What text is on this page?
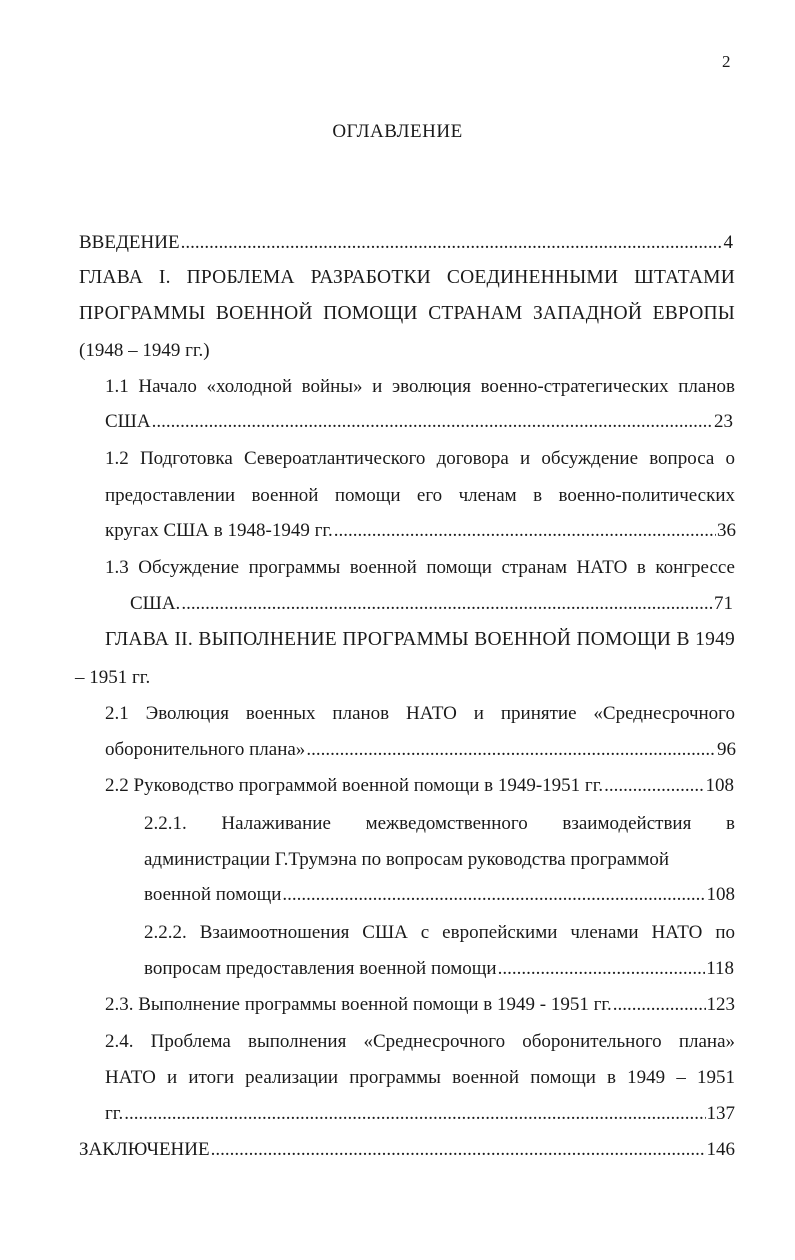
2
ОГЛАВЛЕНИЕ
ВВЕДЕНИЕ .....	4
ГЛАВА I. ПРОБЛЕМА РАЗРАБОТКИ СОЕДИНЕННЫМИ ШТАТАМИ
ПРОГРАММЫ ВОЕННОЙ ПОМОЩИ СТРАНАМ ЗАПАДНОЙ ЕВРОПЫ
(1948 – 1949 гг.)
1.1 Начало «холодной войны» и эволюция военно-стратегических планов
США .....	23
1.2 Подготовка Североатлантического договора и обсуждение вопроса о
предоставлении военной помощи его членам в военно-политических
кругах США в 1948-1949 гг. .....	36
1.3 Обсуждение программы военной помощи странам НАТО в конгрессе
США. .....	71
ГЛАВА II. ВЫПОЛНЕНИЕ ПРОГРАММЫ ВОЕННОЙ ПОМОЩИ В 1949
– 1951 гг.
2.1 Эволюция военных планов НАТО и принятие «Среднесрочного
оборонительного плана» .....	96
2.2 Руководство программой военной помощи в 1949-1951 гг. .....	108
2.2.1. Налаживание межведомственного взаимодействия в
администрации Г.Трумэна по вопросам руководства программой
военной помощи .....	108
2.2.2. Взаимоотношения США с европейскими членами НАТО по
вопросам предоставления военной помощи .....	118
2.3. Выполнение программы военной помощи в 1949 - 1951 гг. .....	123
2.4. Проблема выполнения «Среднесрочного оборонительного плана»
НАТО и итоги реализации программы военной помощи в 1949 – 1951
гг. .....	137
ЗАКЛЮЧЕНИЕ .....	146
